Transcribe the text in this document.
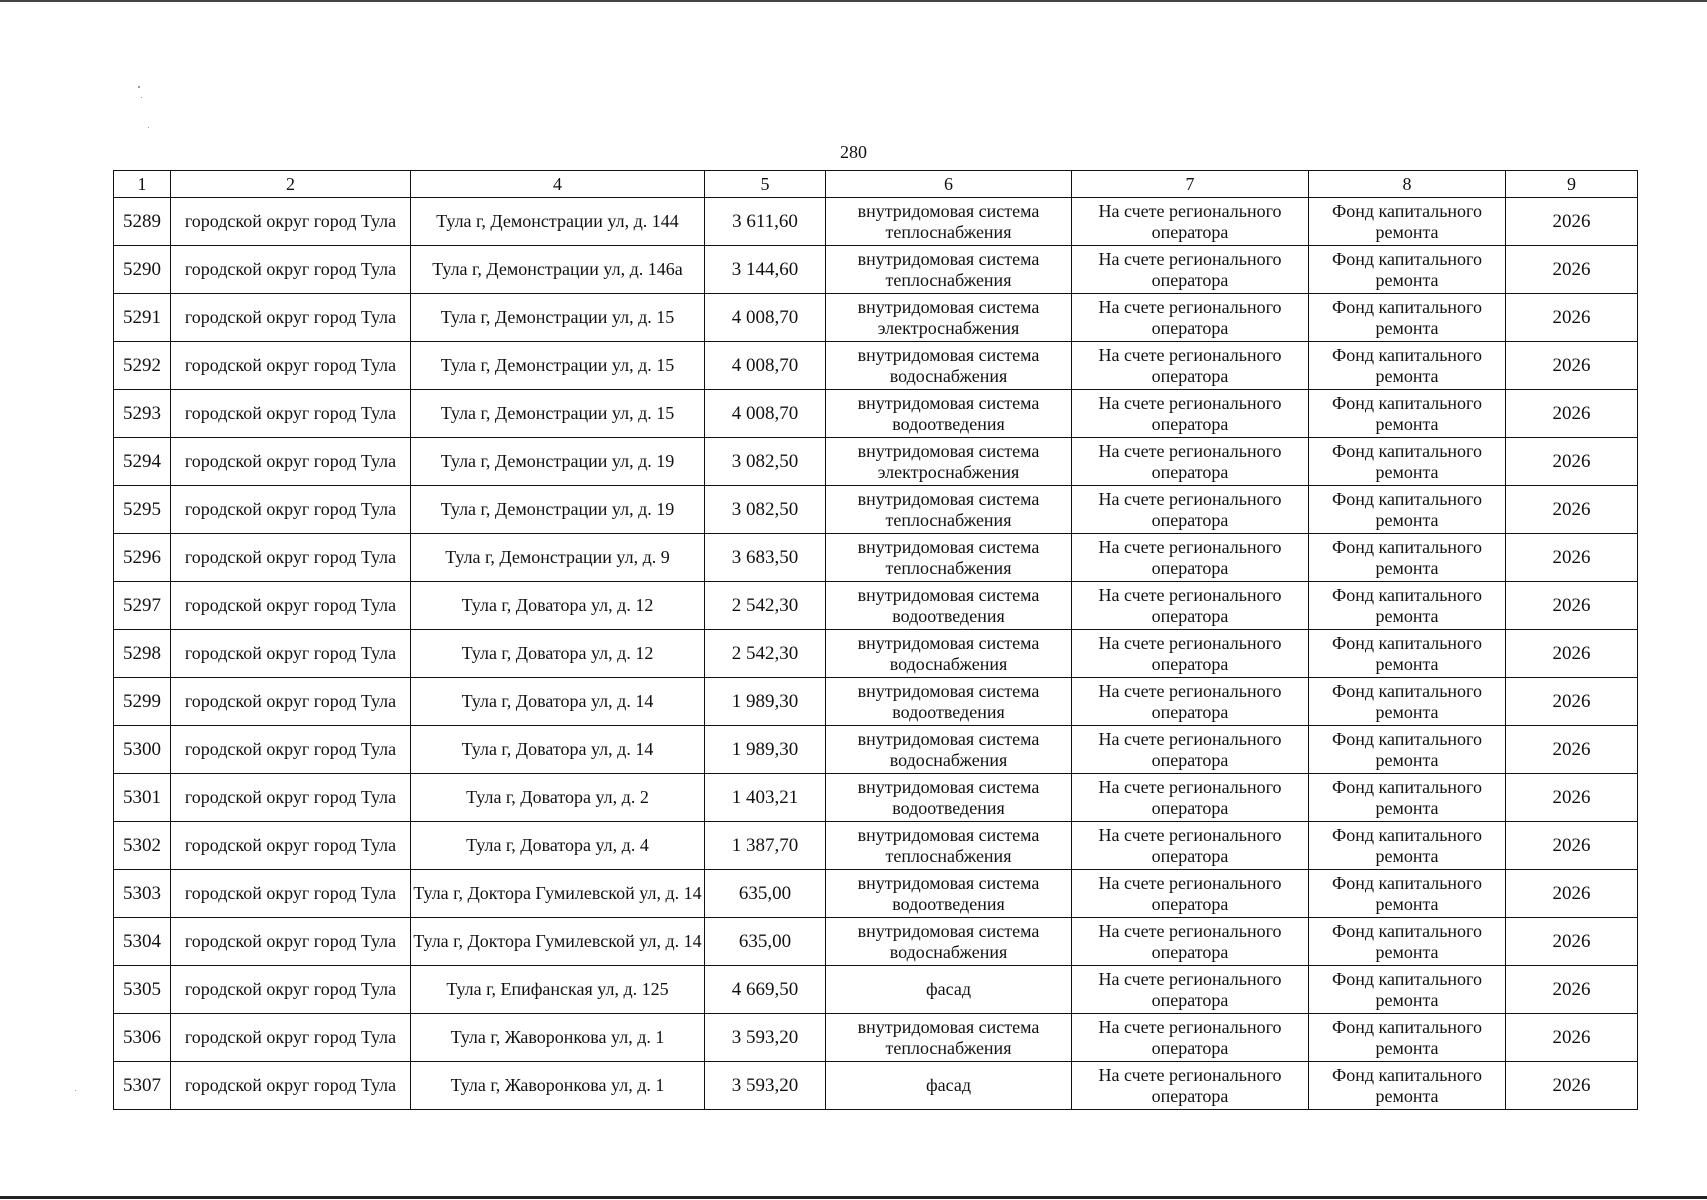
280
1	2	4	5	6	7	8	9
5289	городской округ город Тула	Тула г, Демонстрации ул, д. 144	3 611,60	внутридомовая система теплоснабжения	На счете регионального оператора	Фонд капитального ремонта	2026
5290	городской округ город Тула	Тула г, Демонстрации ул, д. 146а	3 144,60	внутридомовая система теплоснабжения	На счете регионального оператора	Фонд капитального ремонта	2026
5291	городской округ город Тула	Тула г, Демонстрации ул, д. 15	4 008,70	внутридомовая система электроснабжения	На счете регионального оператора	Фонд капитального ремонта	2026
5292	городской округ город Тула	Тула г, Демонстрации ул, д. 15	4 008,70	внутридомовая система водоснабжения	На счете регионального оператора	Фонд капитального ремонта	2026
5293	городской округ город Тула	Тула г, Демонстрации ул, д. 15	4 008,70	внутридомовая система водоотведения	На счете регионального оператора	Фонд капитального ремонта	2026
5294	городской округ город Тула	Тула г, Демонстрации ул, д. 19	3 082,50	внутридомовая система электроснабжения	На счете регионального оператора	Фонд капитального ремонта	2026
5295	городской округ город Тула	Тула г, Демонстрации ул, д. 19	3 082,50	внутридомовая система теплоснабжения	На счете регионального оператора	Фонд капитального ремонта	2026
5296	городской округ город Тула	Тула г, Демонстрации ул, д. 9	3 683,50	внутридомовая система теплоснабжения	На счете регионального оператора	Фонд капитального ремонта	2026
5297	городской округ город Тула	Тула г, Доватора ул, д. 12	2 542,30	внутридомовая система водоотведения	На счете регионального оператора	Фонд капитального ремонта	2026
5298	городской округ город Тула	Тула г, Доватора ул, д. 12	2 542,30	внутридомовая система водоснабжения	На счете регионального оператора	Фонд капитального ремонта	2026
5299	городской округ город Тула	Тула г, Доватора ул, д. 14	1 989,30	внутридомовая система водоотведения	На счете регионального оператора	Фонд капитального ремонта	2026
5300	городской округ город Тула	Тула г, Доватора ул, д. 14	1 989,30	внутридомовая система водоснабжения	На счете регионального оператора	Фонд капитального ремонта	2026
5301	городской округ город Тула	Тула г, Доватора ул, д. 2	1 403,21	внутридомовая система водоотведения	На счете регионального оператора	Фонд капитального ремонта	2026
5302	городской округ город Тула	Тула г, Доватора ул, д. 4	1 387,70	внутридомовая система теплоснабжения	На счете регионального оператора	Фонд капитального ремонта	2026
5303	городской округ город Тула	Тула г, Доктора Гумилевской ул, д. 14	635,00	внутридомовая система водоотведения	На счете регионального оператора	Фонд капитального ремонта	2026
5304	городской округ город Тула	Тула г, Доктора Гумилевской ул, д. 14	635,00	внутридомовая система водоснабжения	На счете регионального оператора	Фонд капитального ремонта	2026
5305	городской округ город Тула	Тула г, Епифанская ул, д. 125	4 669,50	фасад	На счете регионального оператора	Фонд капитального ремонта	2026
5306	городской округ город Тула	Тула г, Жаворонкова ул, д. 1	3 593,20	внутридомовая система теплоснабжения	На счете регионального оператора	Фонд капитального ремонта	2026
5307	городской округ город Тула	Тула г, Жаворонкова ул, д. 1	3 593,20	фасад	На счете регионального оператора	Фонд капитального ремонта	2026
